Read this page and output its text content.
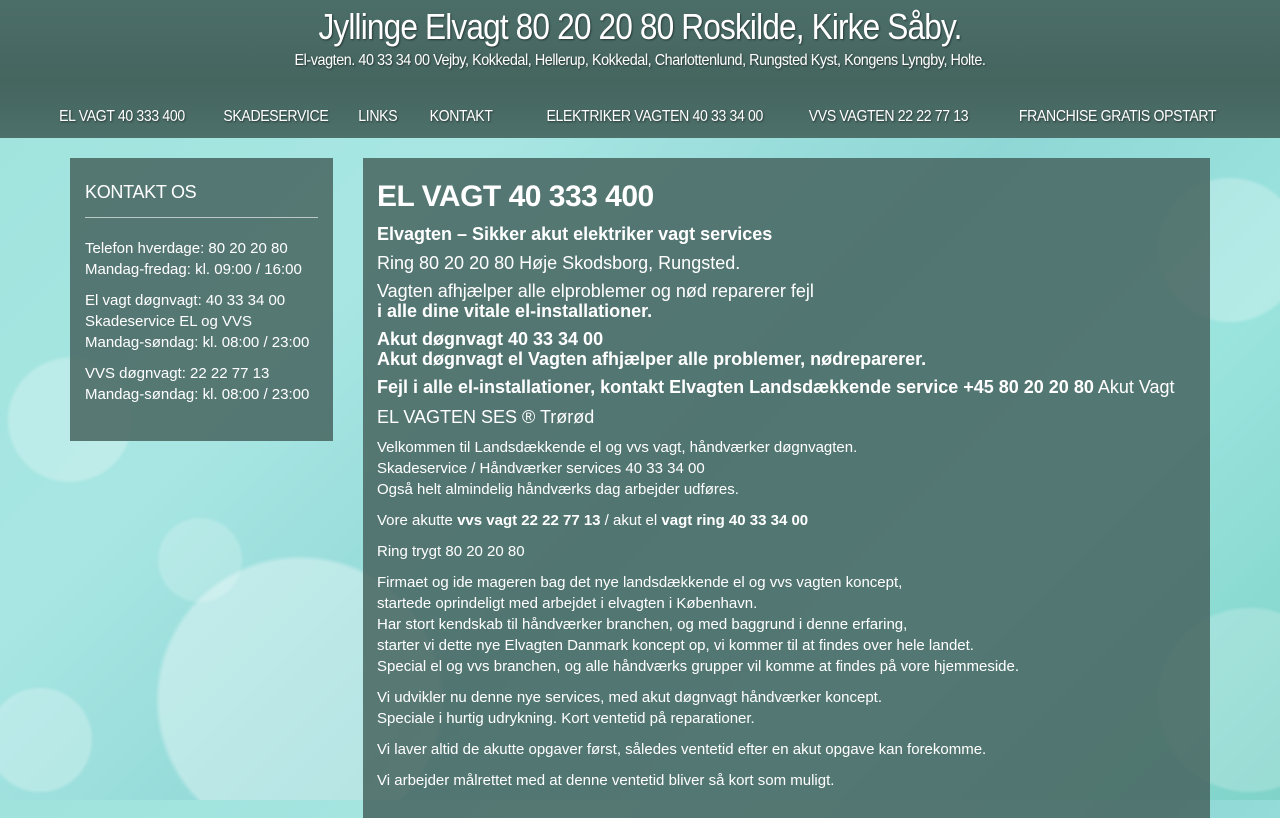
Jyllinge Elvagt 80 20 20 80 Roskilde, Kirke Såby.
El-vagten. 40 33 34 00 Vejby, Kokkedal, Hellerup, Kokkedal, Charlottenlund, Rungsted Kyst, Kongens Lyngby, Holte.
EL VAGT 40 333 400 SKADESERVICE LINKS KONTAKT	ELEKTRIKER VAGTEN 40 33 34 00	VVS VAGTEN 22 22 77 13	FRANCHISE GRATIS OPSTART
KONTAKT OS
Telefon hverdage: 80 20 20 80
Mandag-fredag: kl. 09:00 / 16:00
El vagt døgnvagt: 40 33 34 00
Skadeservice EL og VVS
Mandag-søndag: kl. 08:00 / 23:00
VVS døgnvagt: 22 22 77 13
Mandag-søndag: kl. 08:00 / 23:00
EL VAGT 40 333 400
Elvagten – Sikker akut elektriker vagt services
Ring 80 20 20 80 Høje Skodsborg, Rungsted.
Vagten afhjælper alle elproblemer og nød reparerer fejl
i alle dine vitale el-installationer.
Akut døgnvagt 40 33 34 00
Akut døgnvagt el Vagten afhjælper alle problemer, nødreparerer.
Fejl i alle el-installationer, kontakt Elvagten Landsdækkende service +45 80 20 20 80 Akut Vagt
EL VAGTEN SES ® Trørød
Velkommen til Landsdækkende el og vvs vagt, håndværker døgnvagten.
Skadeservice / Håndværker services 40 33 34 00
Også helt almindelig håndværks dag arbejder udføres.
Vore akutte vvs vagt 22 22 77 13 / akut el vagt ring 40 33 34 00
Ring trygt 80 20 20 80
Firmaet og ide mageren bag det nye landsdækkende el og vvs vagten koncept,
startede oprindeligt med arbejdet i elvagten i København.
Har stort kendskab til håndværker branchen, og med baggrund i denne erfaring,
starter vi dette nye Elvagten Danmark koncept op, vi kommer til at findes over hele landet.
Special el og vvs branchen, og alle håndværks grupper vil komme at findes på vore hjemmeside.
Vi udvikler nu denne nye services, med akut døgnvagt håndværker koncept.
Speciale i hurtig udrykning. Kort ventetid på reparationer.
Vi laver altid de akutte opgaver først, således ventetid efter en akut opgave kan forekomme.
Vi arbejder målrettet med at denne ventetid bliver så kort som muligt.
